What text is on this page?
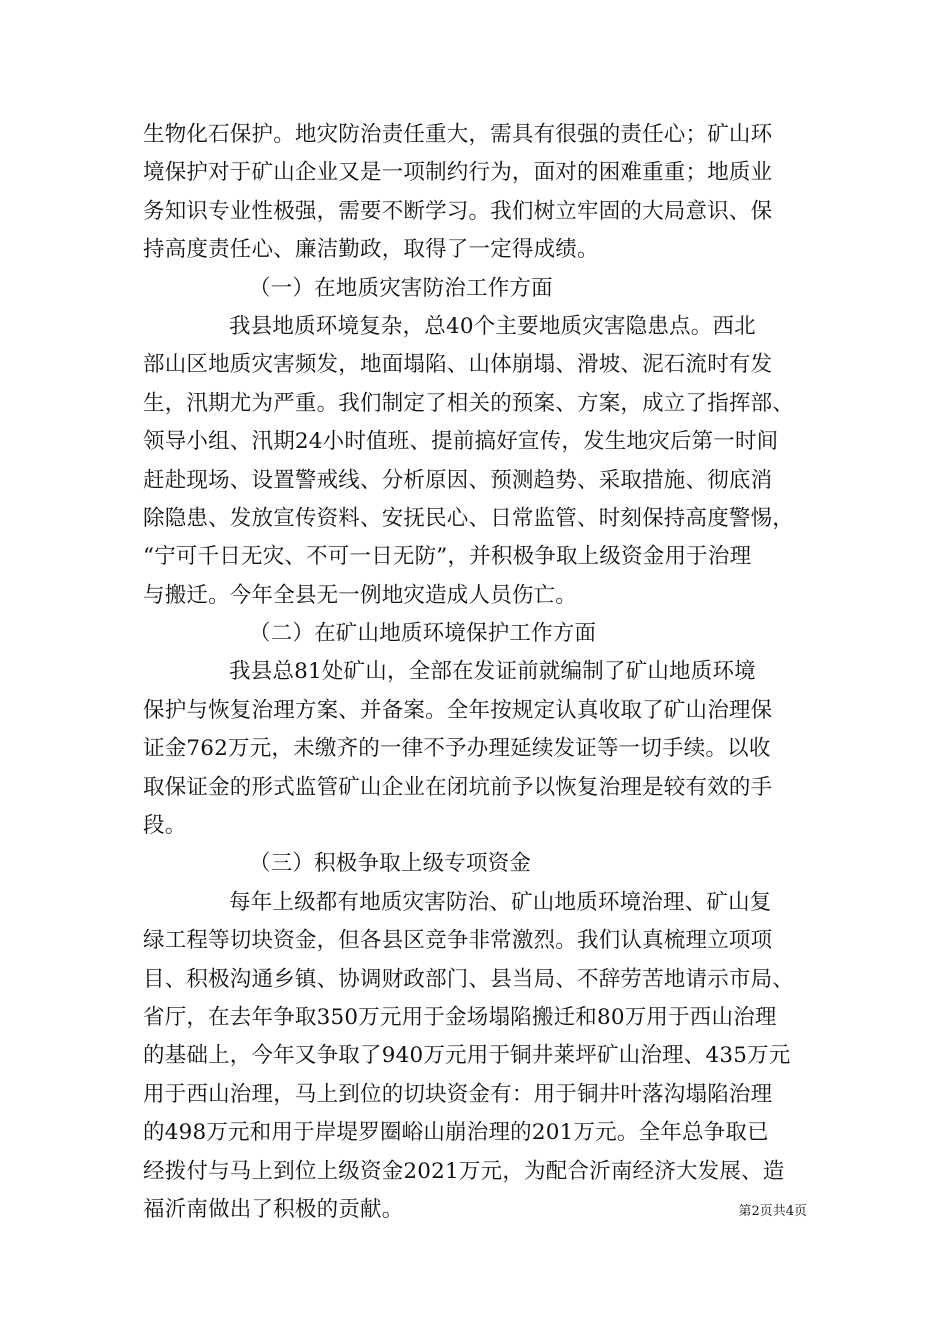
生物化石保护。地灾防治责任重大，需具有很强的责任心；矿山环
境保护对于矿山企业又是一项制约行为，面对的困难重重；地质业
务知识专业性极强，需要不断学习。我们树立牢固的大局意识、保
持高度责任心、廉洁勤政，取得了一定得成绩。
（一）在地质灾害防治工作方面
我县地质环境复杂，总40个主要地质灾害隐患点。西北
部山区地质灾害频发，地面塌陷、山体崩塌、滑坡、泥石流时有发
生，汛期尤为严重。我们制定了相关的预案、方案，成立了指挥部、
领导小组、汛期24小时值班、提前搞好宣传，发生地灾后第一时间
赶赴现场、设置警戒线、分析原因、预测趋势、采取措施、彻底消
除隐患、发放宣传资料、安抚民心、日常监管、时刻保持高度警惕，
“宁可千日无灾、不可一日无防”，并积极争取上级资金用于治理
与搬迁。今年全县无一例地灾造成人员伤亡。
（二）在矿山地质环境保护工作方面
我县总81处矿山，全部在发证前就编制了矿山地质环境
保护与恢复治理方案、并备案。全年按规定认真收取了矿山治理保
证金762万元，未缴齐的一律不予办理延续发证等一切手续。以收
取保证金的形式监管矿山企业在闭坑前予以恢复治理是较有效的手
段。
（三）积极争取上级专项资金
每年上级都有地质灾害防治、矿山地质环境治理、矿山复
绿工程等切块资金，但各县区竞争非常激烈。我们认真梳理立项项
目、积极沟通乡镇、协调财政部门、县当局、不辞劳苦地请示市局、
省厅，在去年争取350万元用于金场塌陷搬迁和80万用于西山治理
的基础上，今年又争取了940万元用于铜井莱坪矿山治理、435万元
用于西山治理，马上到位的切块资金有：用于铜井叶落沟塌陷治理
的498万元和用于岸堤罗圈峪山崩治理的201万元。全年总争取已
经拨付与马上到位上级资金2021万元，为配合沂南经济大发展、造
福沂南做出了积极的贡献。	第2页共4页
